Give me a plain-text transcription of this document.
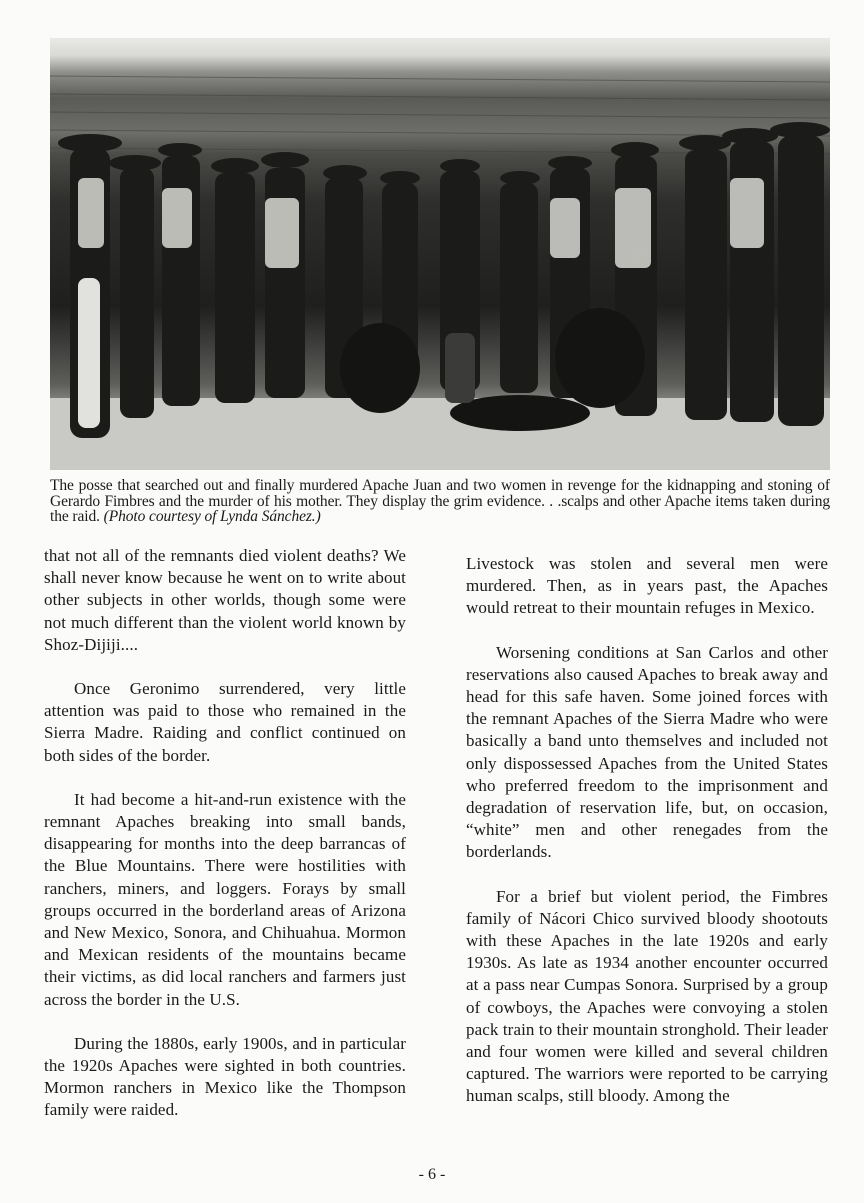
The posse that searched out and finally murdered Apache Juan and two women in revenge for the kidnapping and stoning of Gerardo Fimbres and the murder of his mother. They display the grim evidence. . .scalps and other Apache items taken during the raid. (Photo courtesy of Lynda Sánchez.)

that not all of the remnants died violent deaths? We shall never know because he went on to write about other subjects in other worlds, though some were not much different than the violent world known by Shoz-Dijiji....

Once Geronimo surrendered, very little attention was paid to those who remained in the Sierra Madre. Raiding and conflict continued on both sides of the border.

It had become a hit-and-run existence with the remnant Apaches breaking into small bands, disappearing for months into the deep barrancas of the Blue Mountains. There were hostilities with ranchers, miners, and loggers. Forays by small groups occurred in the borderland areas of Arizona and New Mexico, Sonora, and Chihuahua. Mormon and Mexican residents of the mountains became their victims, as did local ranchers and farmers just across the border in the U.S.

During the 1880s, early 1900s, and in particular the 1920s Apaches were sighted in both countries. Mormon ranchers in Mexico like the Thompson family were raided.

Livestock was stolen and several men were murdered. Then, as in years past, the Apaches would retreat to their mountain refuges in Mexico.

Worsening conditions at San Carlos and other reservations also caused Apaches to break away and head for this safe haven. Some joined forces with the remnant Apaches of the Sierra Madre who were basically a band unto themselves and included not only dispossessed Apaches from the United States who preferred freedom to the imprisonment and degradation of reservation life, but, on occasion, “white” men and other renegades from the borderlands.

For a brief but violent period, the Fimbres family of Nácori Chico survived bloody shootouts with these Apaches in the late 1920s and early 1930s. As late as 1934 another encounter occurred at a pass near Cumpas Sonora. Surprised by a group of cowboys, the Apaches were convoying a stolen pack train to their mountain stronghold. Their leader and four women were killed and several children captured. The warriors were reported to be carrying human scalps, still bloody. Among the

- 6 -
